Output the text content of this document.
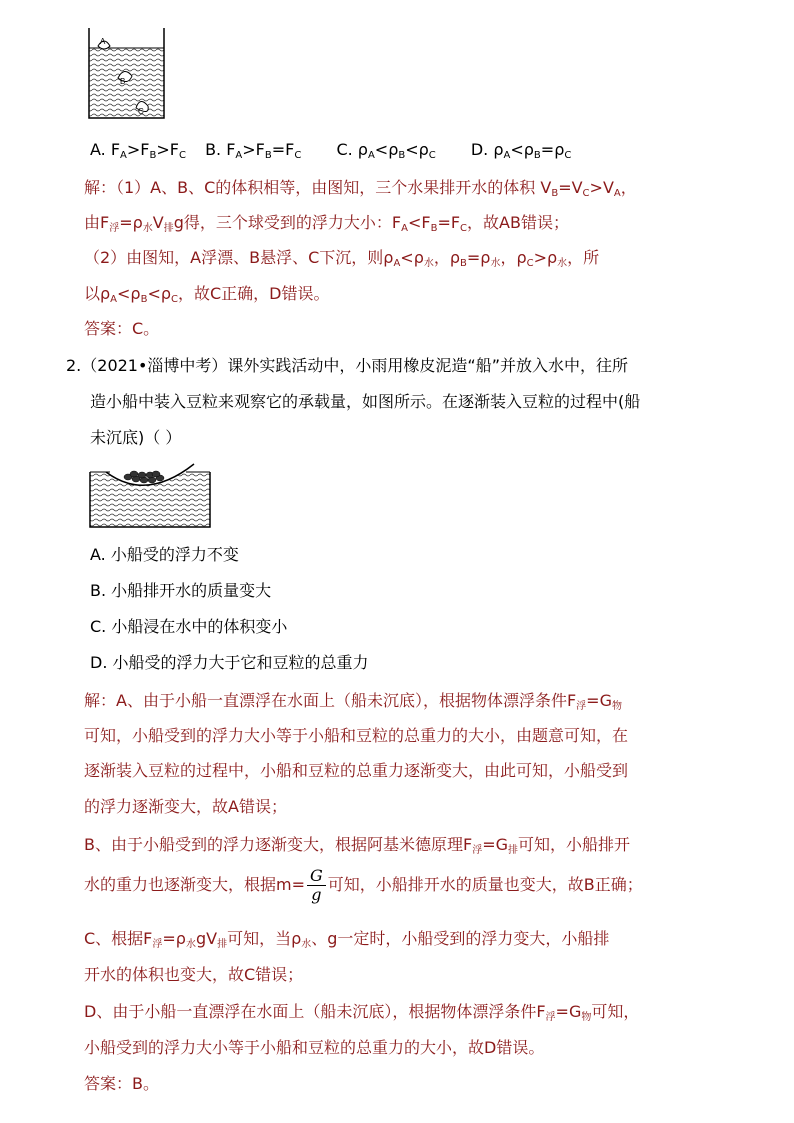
A
B
C
A. $F_A>F_B>F_C$ B. $F_A>F_B=F_C$ C. $\rho_A<\rho_B<\rho_C$ D. $\rho_A<\rho_B=\rho_C$
解：（1）A、B、C的体积相等，由图知，三个水果排开水的体积 $V_B=V_C>V_A$，
由$F_浮=\rho_水V_排g$得，三个球受到的浮力大小：$F_A<F_B=F_C$，故AB错误；
（2）由图知，A浮漂、B悬浮、C下沉，则$\rho_A<\rho_水$，$\rho_B=\rho_水$，$\rho_C>\rho_水$，所
以$\rho_A<\rho_B<\rho_C$，故C正确，D错误。
答案：C。
2.（2021•淄博中考）课外实践活动中，小雨用橡皮泥造“船”并放入水中，往所
造小船中装入豆粒来观察它的承载量，如图所示。在逐渐装入豆粒的过程中(船
未沉底)（ ）
A. 小船受的浮力不变
B. 小船排开水的质量变大
C. 小船浸在水中的体积变小
D. 小船受的浮力大于它和豆粒的总重力
解：A、由于小船一直漂浮在水面上（船未沉底），根据物体漂浮条件$F_浮=G_物$
可知，小船受到的浮力大小等于小船和豆粒的总重力的大小，由题意可知，在
逐渐装入豆粒的过程中，小船和豆粒的总重力逐渐变大，由此可知，小船受到
的浮力逐渐变大，故A错误；
B、由于小船受到的浮力逐渐变大，根据阿基米德原理$F_浮=G_排$可知，小船排开
水的重力也逐渐变大，根据$m= \frac{G}{g}$ 可知，小船排开水的质量也变大，故B正确；
C、根据$F_浮=\rho_水gV_排$可知，当$\rho_水$、g一定时，小船受到的浮力变大，小船排
开水的体积也变大，故C错误；
D、由于小船一直漂浮在水面上（船未沉底），根据物体漂浮条件$F_浮=G_物$可知，
小船受到的浮力大小等于小船和豆粒的总重力的大小，故D错误。
答案：B。
